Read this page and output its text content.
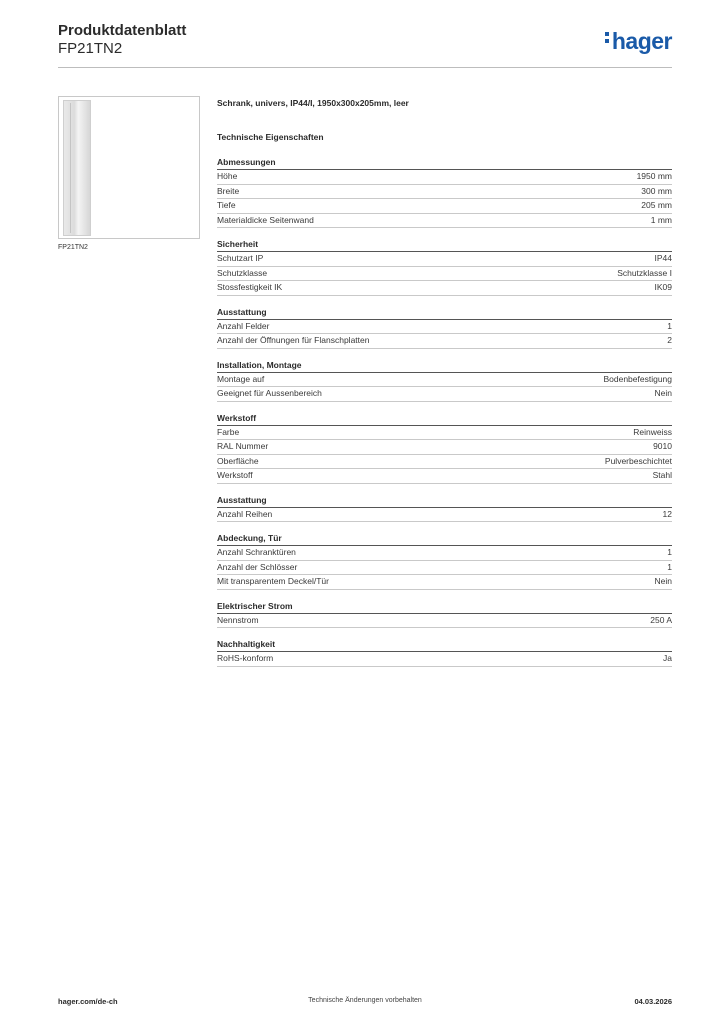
Produktdatenblatt
FP21TN2	hager
FP21TN2
Schrank, univers, IP44/I, 1950x300x205mm, leer
Technische Eigenschaften
Abmessungen
Höhe	1950 mm
Breite	300 mm
Tiefe	205 mm
Materialdicke Seitenwand	1 mm
Sicherheit
Schutzart IP	IP44
Schutzklasse	Schutzklasse I
Stossfestigkeit IK	IK09
Ausstattung
Anzahl Felder	1
Anzahl der Öffnungen für Flanschplatten	2
Installation, Montage
Montage auf	Bodenbefestigung
Geeignet für Aussenbereich	Nein
Werkstoff
Farbe	Reinweiss
RAL Nummer	9010
Oberfläche	Pulverbeschichtet
Werkstoff	Stahl
Ausstattung
Anzahl Reihen	12
Abdeckung, Tür
Anzahl Schranktüren	1
Anzahl der Schlösser	1
Mit transparentem Deckel/Tür	Nein
Elektrischer Strom
Nennstrom	250 A
Nachhaltigkeit
RoHS-konform	Ja
hager.com/de-ch	Technische Änderungen vorbehalten	04.03.2026
